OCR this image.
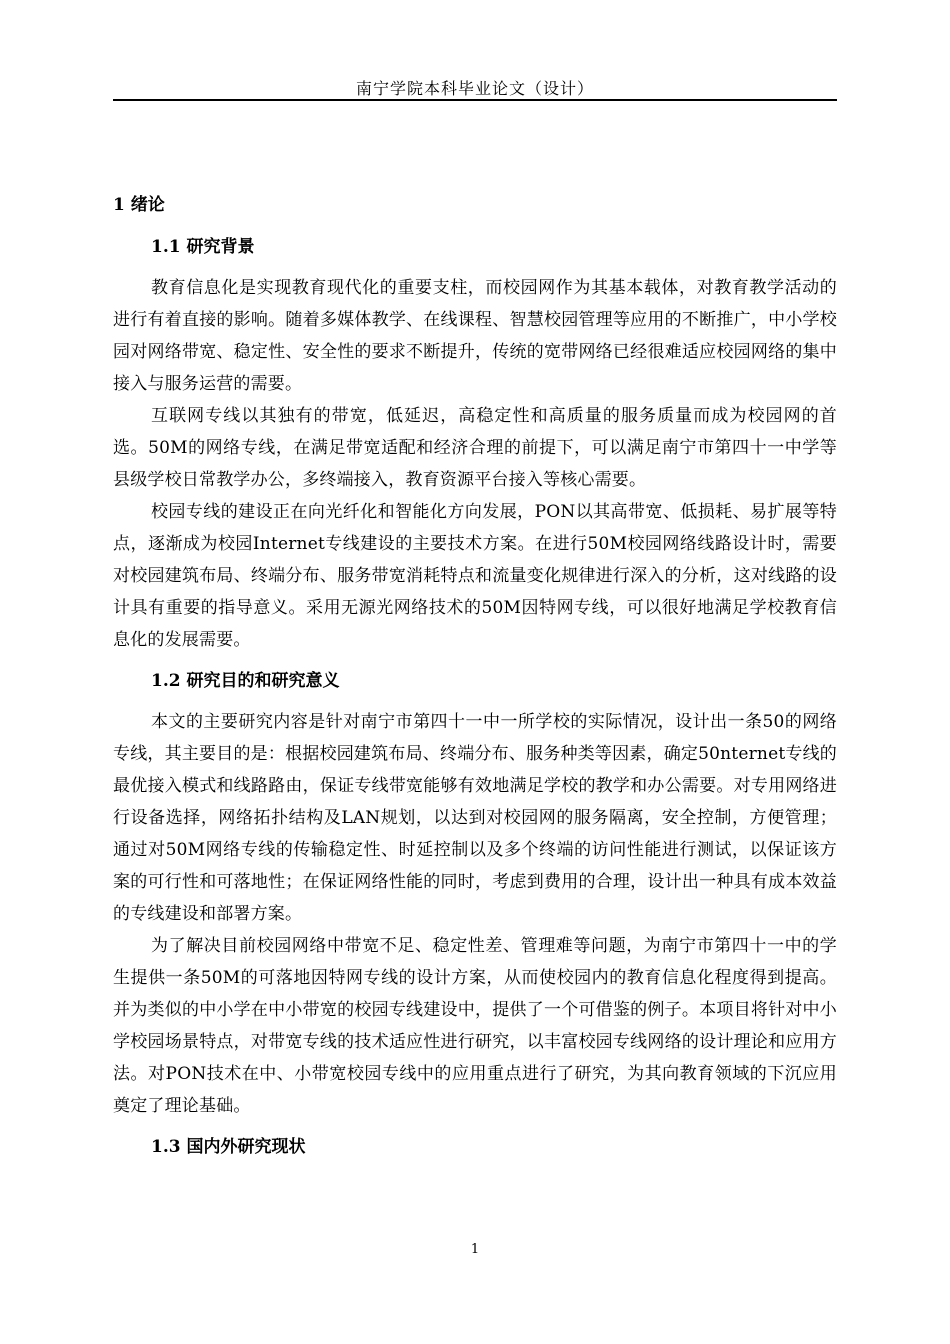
南宁学院本科毕业论文（设计）
1 绪论
1.1 研究背景

教育信息化是实现教育现代化的重要支柱，而校园网作为其基本载体，对教育教学活动的进行有着直接的影响。随着多媒体教学、在线课程、智慧校园管理等应用的不断推广，中小学校园对网络带宽、稳定性、安全性的要求不断提升，传统的宽带网络已经很难适应校园网络的集中接入与服务运营的需要。

互联网专线以其独有的带宽，低延迟，高稳定性和高质量的服务质量而成为校园网的首选。50M的网络专线，在满足带宽适配和经济合理的前提下，可以满足南宁市第四十一中学等县级学校日常教学办公，多终端接入，教育资源平台接入等核心需要。

校园专线的建设正在向光纤化和智能化方向发展，PON以其高带宽、低损耗、易扩展等特点，逐渐成为校园Internet专线建设的主要技术方案。在进行50M校园网络线路设计时，需要对校园建筑布局、终端分布、服务带宽消耗特点和流量变化规律进行深入的分析，这对线路的设计具有重要的指导意义。采用无源光网络技术的50M因特网专线，可以很好地满足学校教育信息化的发展需要。

1.2 研究目的和研究意义

本文的主要研究内容是针对南宁市第四十一中一所学校的实际情况，设计出一条50的网络专线，其主要目的是：根据校园建筑布局、终端分布、服务种类等因素，确定50nternet专线的最优接入模式和线路路由，保证专线带宽能够有效地满足学校的教学和办公需要。对专用网络进行设备选择，网络拓扑结构及LAN规划，以达到对校园网的服务隔离，安全控制，方便管理；通过对50M网络专线的传输稳定性、时延控制以及多个终端的访问性能进行测试，以保证该方案的可行性和可落地性；在保证网络性能的同时，考虑到费用的合理，设计出一种具有成本效益的专线建设和部署方案。

为了解决目前校园网络中带宽不足、稳定性差、管理难等问题，为南宁市第四十一中的学生提供一条50M的可落地因特网专线的设计方案，从而使校园内的教育信息化程度得到提高。并为类似的中小学在中小带宽的校园专线建设中，提供了一个可借鉴的例子。本项目将针对中小学校园场景特点，对带宽专线的技术适应性进行研究，以丰富校园专线网络的设计理论和应用方法。对PON技术在中、小带宽校园专线中的应用重点进行了研究，为其向教育领域的下沉应用奠定了理论基础。

1.3 国内外研究现状
1
